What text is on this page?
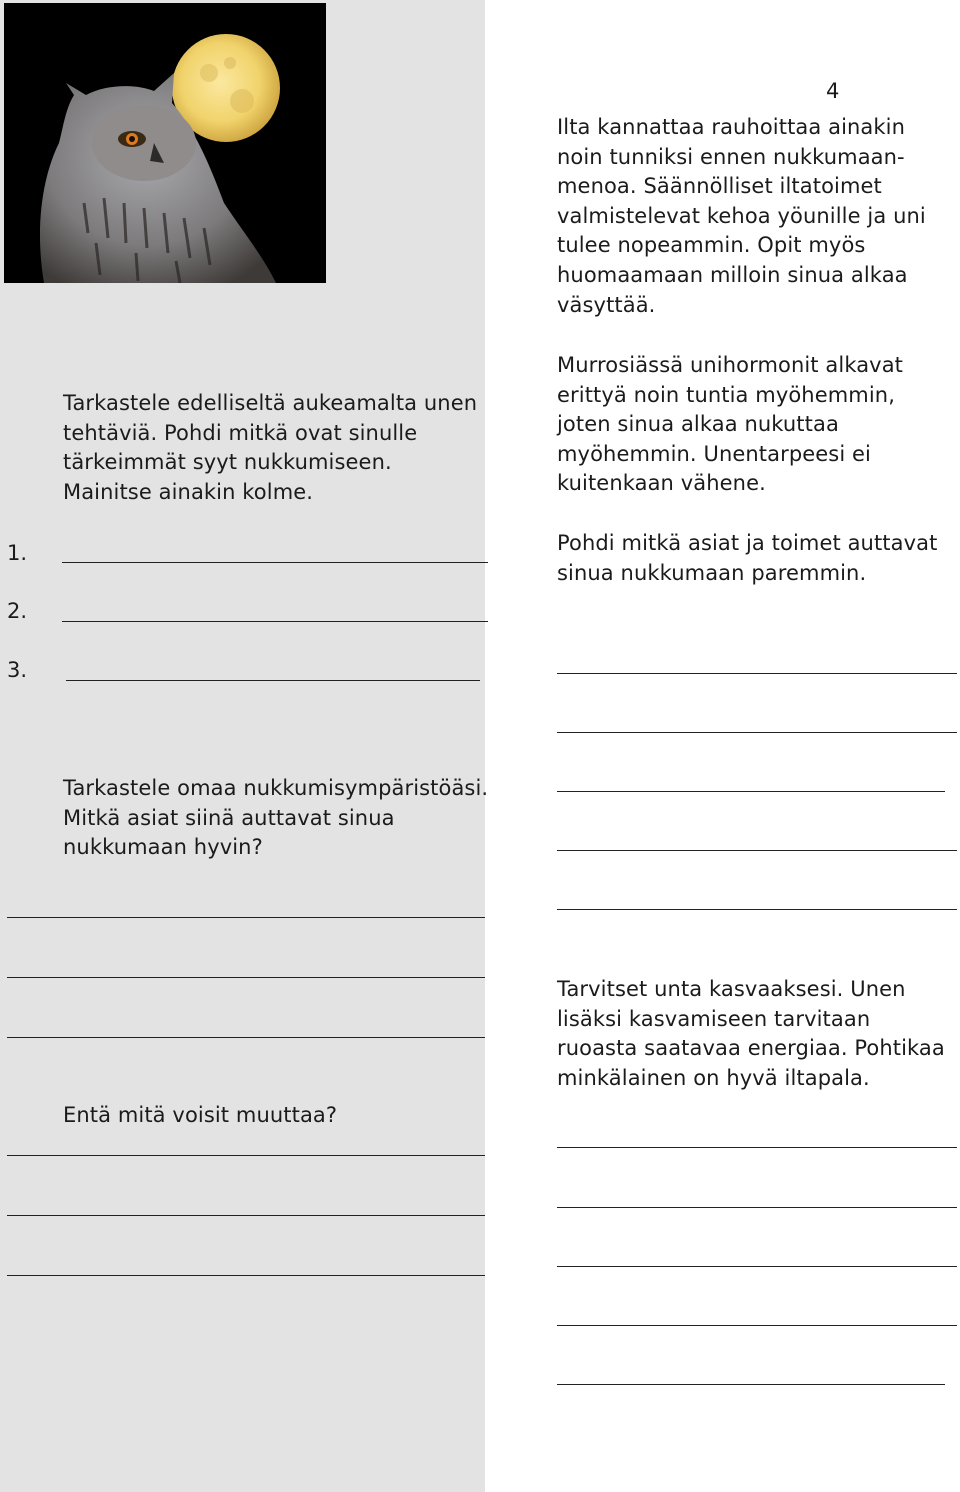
4

Tarkastele edelliseltä aukeamalta unen tehtäviä. Pohdi mitkä ovat sinulle tärkeimmät syyt nukkumiseen. Mainitse ainakin kolme.

1.
2.
3.

Tarkastele omaa nukkumisympäristöäsi. Mitkä asiat siinä auttavat sinua nukkumaan hyvin?

Entä mitä voisit muuttaa?

Ilta kannattaa rauhoittaa ainakin noin tunniksi ennen nukkumaan-menoa. Säännölliset iltatoimet valmistelevat kehoa yöunille ja uni tulee nopeammin. Opit myös huomaamaan milloin sinua alkaa väsyttää.

Murrosiässä unihormonit alkavat erittyä noin tuntia myöhemmin, joten sinua alkaa nukuttaa myöhemmin. Unentarpeesi ei kuitenkaan vähene.

Pohdi mitkä asiat ja toimet auttavat sinua nukkumaan paremmin.

Tarvitset unta kasvaaksesi. Unen lisäksi kasvamiseen tarvitaan ruoasta saatavaa energiaa. Pohtikaa minkälainen on hyvä iltapala.
